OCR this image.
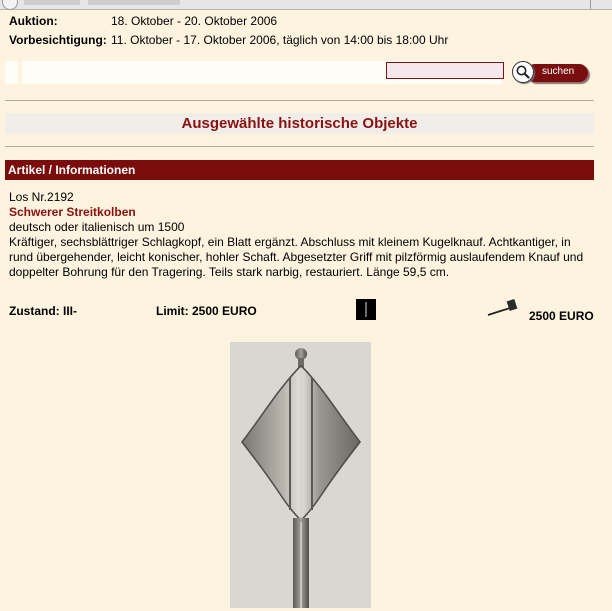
Auktion:	18. Oktober - 20. Oktober 2006
Vorbesichtigung: 11. Oktober - 17. Oktober 2006, täglich von 14:00 bis 18:00 Uhr
suchen
Ausgewählte historische Objekte
Artikel / Informationen
Los Nr.2192
Schwerer Streitkolben
deutsch oder italienisch um 1500
Kräftiger, sechsblättriger Schlagkopf, ein Blatt ergänzt. Abschluss mit kleinem Kugelknauf. Achtkantiger, in rund übergehender, leicht konischer, hohler Schaft. Abgesetzter Griff mit pilzförmig auslaufendem Knauf und doppelter Bohrung für den Tragering. Teils stark narbig, restauriert. Länge 59,5 cm.
Zustand: III-	Limit: 2500 EURO	2500 EURO
